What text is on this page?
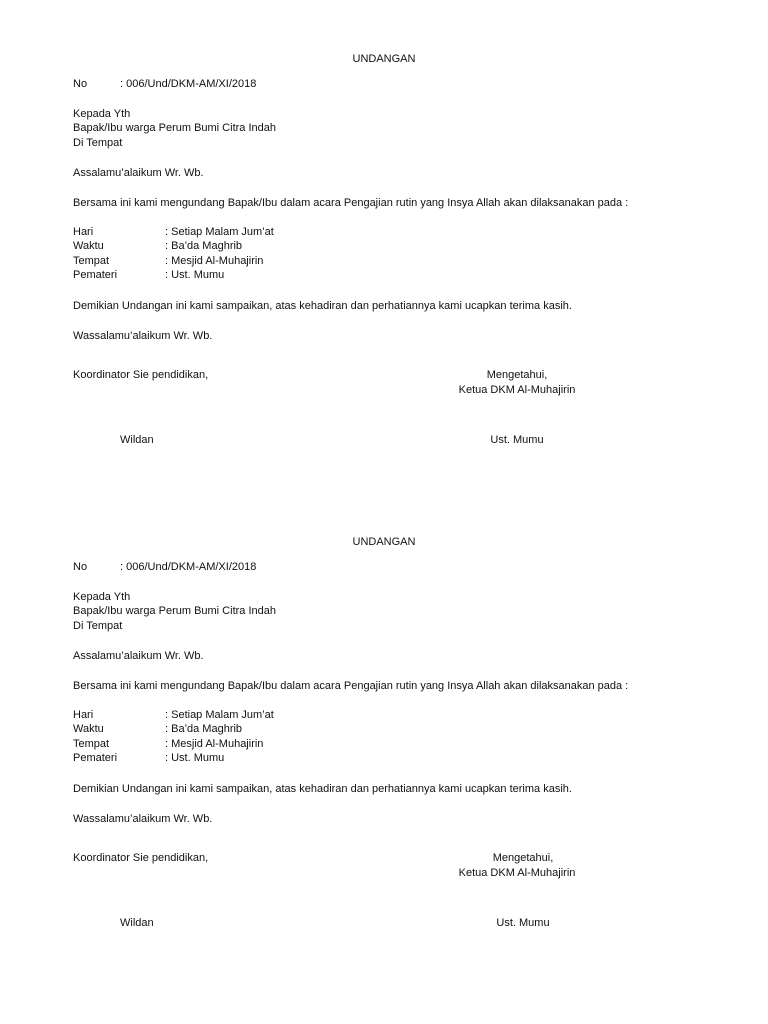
UNDANGAN
No	: 006/Und/DKM-AM/XI/2018
Kepada Yth
Bapak/Ibu warga Perum Bumi Citra Indah
Di Tempat
Assalamu’alaikum Wr. Wb.
Bersama ini kami mengundang Bapak/Ibu dalam acara Pengajian rutin yang Insya Allah akan dilaksanakan pada :
Hari	: Setiap Malam Jum’at
Waktu	: Ba’da Maghrib
Tempat	: Mesjid Al-Muhajirin
Pemateri	: Ust. Mumu
Demikian Undangan ini kami sampaikan, atas kehadiran dan perhatiannya kami ucapkan terima kasih.
Wassalamu’alaikum Wr. Wb.
Koordinator Sie pendidikan,	Mengetahui,
Ketua DKM Al-Muhajirin
Wildan	Ust. Mumu
UNDANGAN
No	: 006/Und/DKM-AM/XI/2018
Kepada Yth
Bapak/Ibu warga Perum Bumi Citra Indah
Di Tempat
Assalamu’alaikum Wr. Wb.
Bersama ini kami mengundang Bapak/Ibu dalam acara Pengajian rutin yang Insya Allah akan dilaksanakan pada :
Hari	: Setiap Malam Jum’at
Waktu	: Ba’da Maghrib
Tempat	: Mesjid Al-Muhajirin
Pemateri	: Ust. Mumu
Demikian Undangan ini kami sampaikan, atas kehadiran dan perhatiannya kami ucapkan terima kasih.
Wassalamu’alaikum Wr. Wb.
Koordinator Sie pendidikan,	Mengetahui,
Ketua DKM Al-Muhajirin
Wildan	Ust. Mumu
